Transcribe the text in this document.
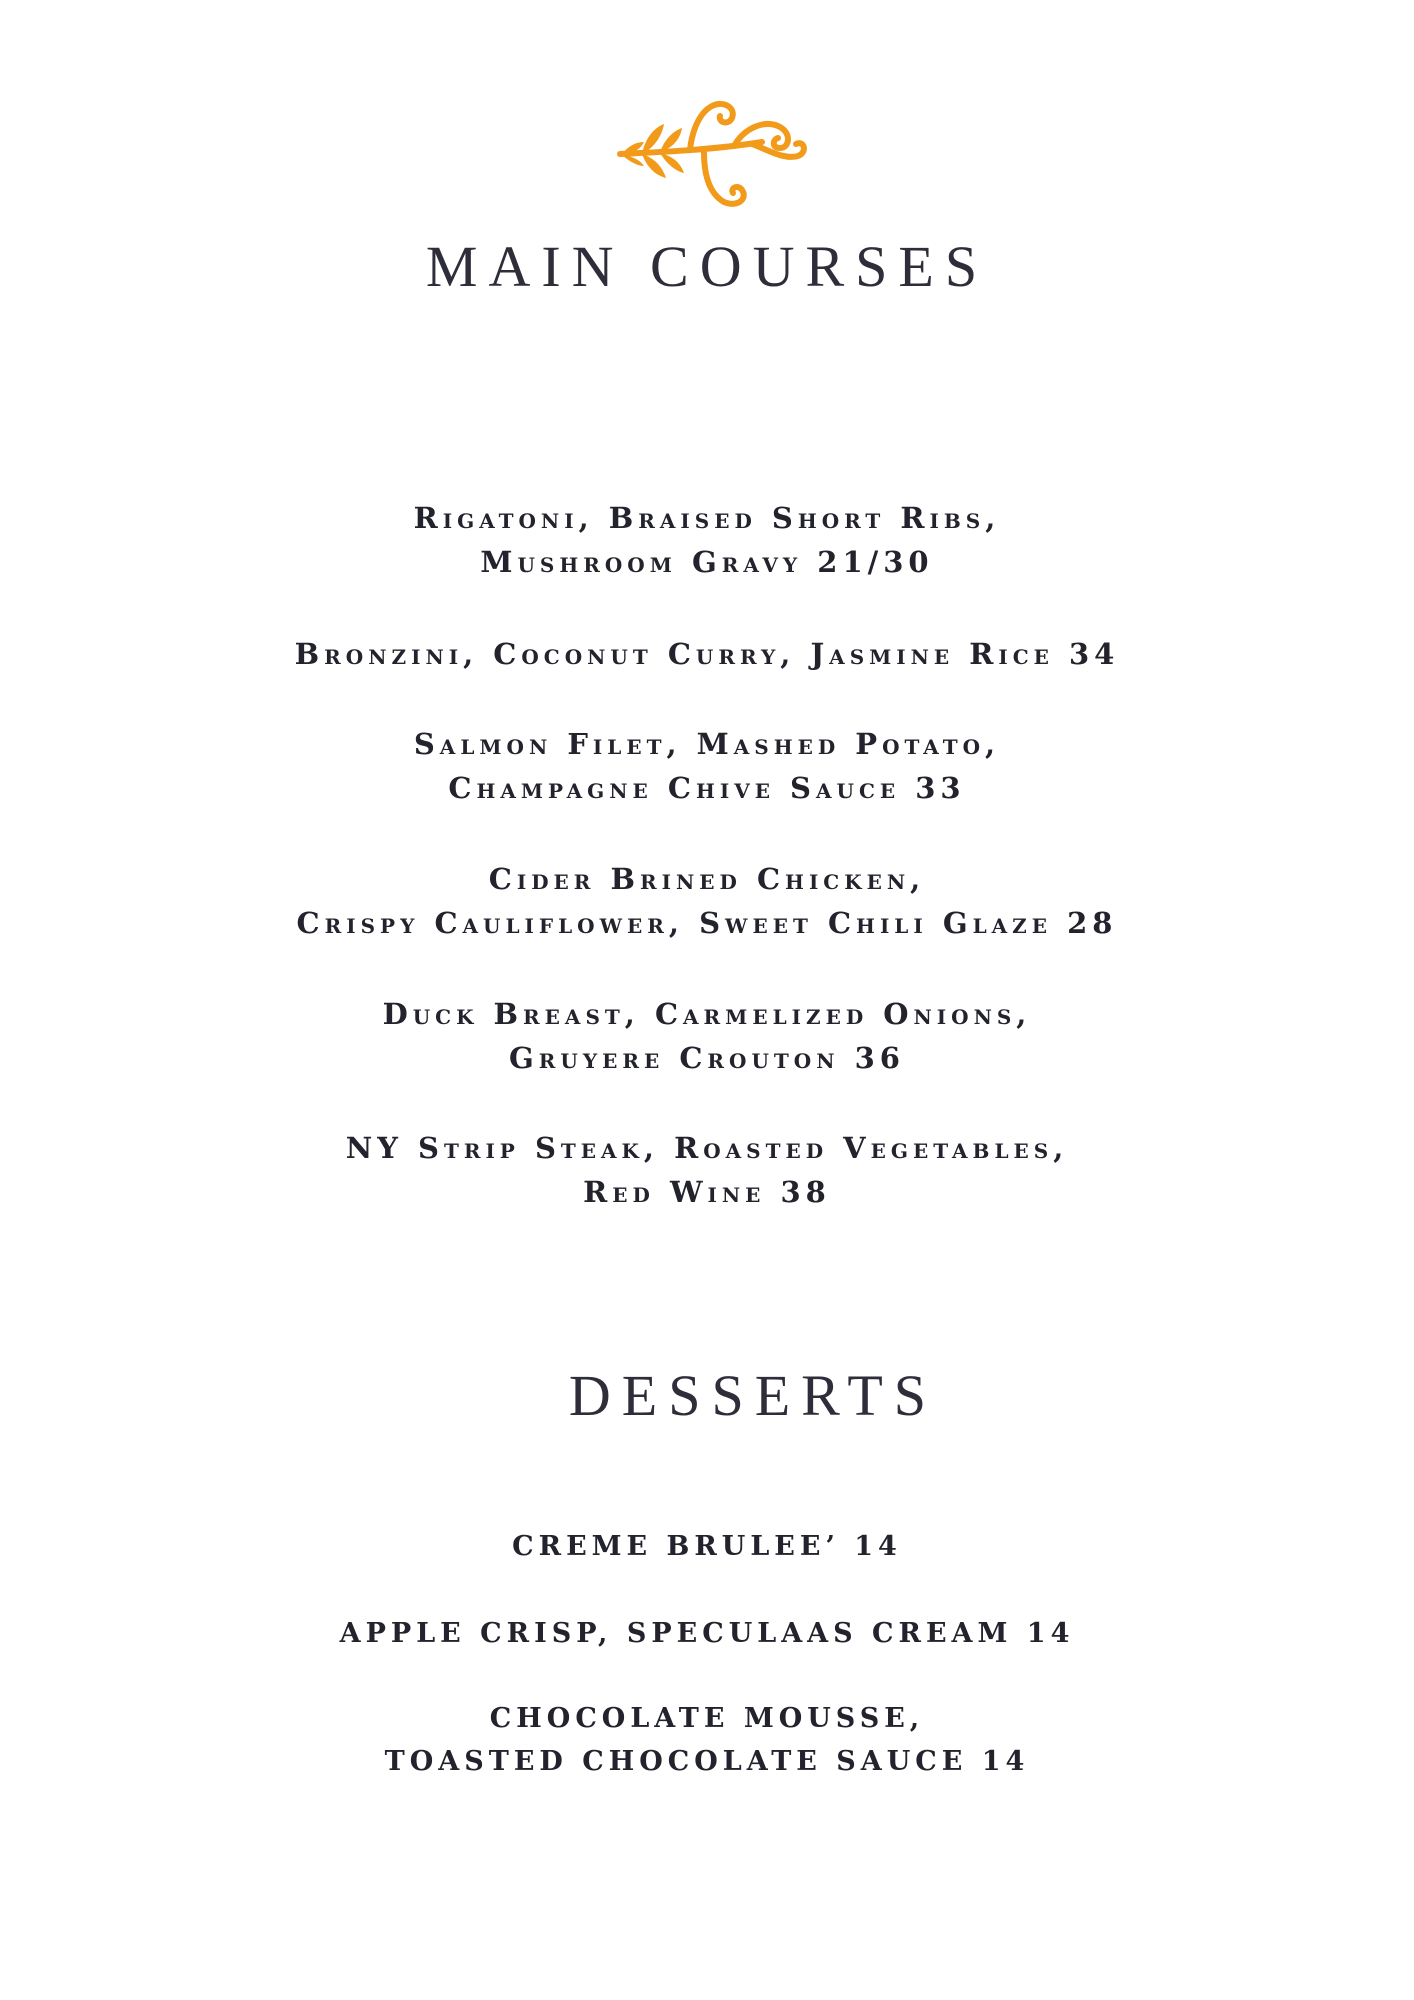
MAIN COURSES
Rigatoni, Braised Short Ribs,
Mushroom Gravy 21/30
Bronzini, Coconut Curry, Jasmine Rice 34
Salmon Filet, Mashed Potato,
Champagne Chive Sauce 33
Cider Brined Chicken,
Crispy Cauliflower, Sweet Chili Glaze 28
Duck Breast, Carmelized Onions,
Gruyere Crouton 36
NY Strip Steak, Roasted Vegetables,
Red Wine 38
DESSERTS
CREME BRULEE’ 14
APPLE CRISP, SPECULAAS CREAM 14
CHOCOLATE MOUSSE,
TOASTED CHOCOLATE SAUCE 14
